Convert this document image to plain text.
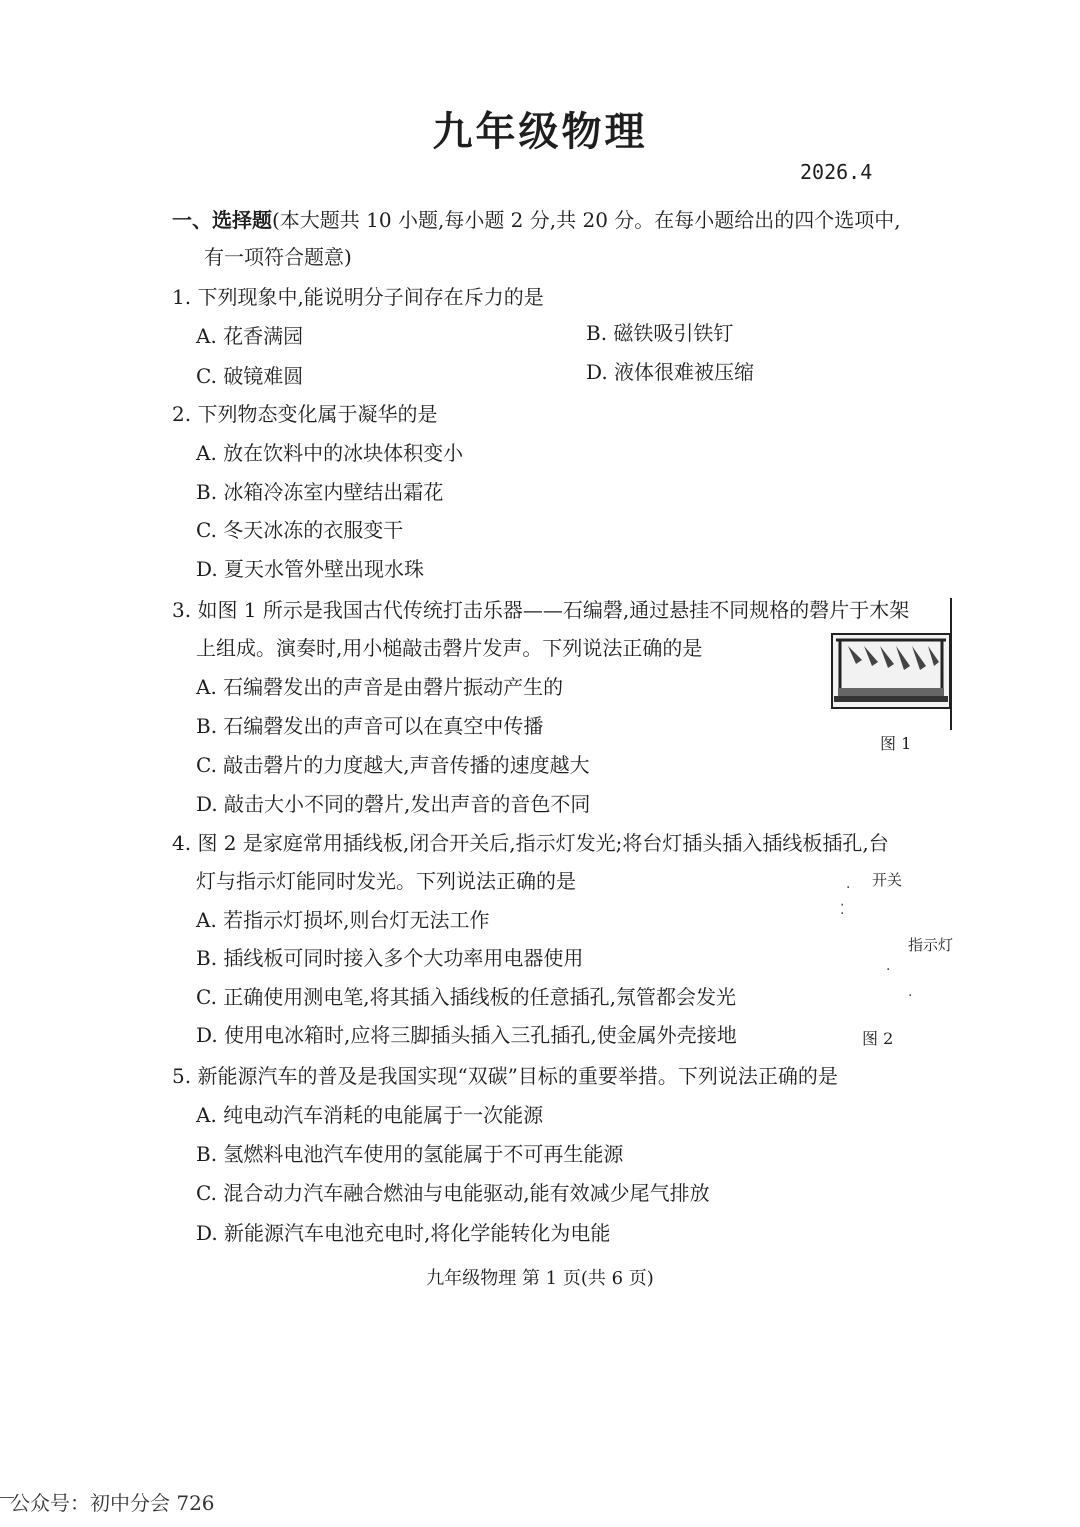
九年级物理
2026.4
一、选择题(本大题共 10 小题,每小题 2 分,共 20 分。在每小题给出的四个选项中,
有一项符合题意)
1. 下列现象中,能说明分子间存在斥力的是
A. 花香满园	B. 磁铁吸引铁钉
C. 破镜难圆	D. 液体很难被压缩
2. 下列物态变化属于凝华的是
A. 放在饮料中的冰块体积变小
B. 冰箱冷冻室内壁结出霜花
C. 冬天冰冻的衣服变干
D. 夏天水管外壁出现水珠
3. 如图 1 所示是我国古代传统打击乐器——石编磬,通过悬挂不同规格的磬片于木架
上组成。演奏时,用小槌敲击磬片发声。下列说法正确的是
A. 石编磬发出的声音是由磬片振动产生的
B. 石编磬发出的声音可以在真空中传播
C. 敲击磬片的力度越大,声音传播的速度越大
D. 敲击大小不同的磬片,发出声音的音色不同
图 1
4. 图 2 是家庭常用插线板,闭合开关后,指示灯发光;将台灯插头插入插线板插孔,台
灯与指示灯能同时发光。下列说法正确的是
A. 若指示灯损坏,则台灯无法工作
B. 插线板可同时接入多个大功率用电器使用
C. 正确使用测电笔,将其插入插线板的任意插孔,氖管都会发光
D. 使用电冰箱时,应将三脚插头插入三孔插孔,使金属外壳接地
开关
指示灯
·
⁚
·
·
图 2
5. 新能源汽车的普及是我国实现“双碳”目标的重要举措。下列说法正确的是
A. 纯电动汽车消耗的电能属于一次能源
B. 氢燃料电池汽车使用的氢能属于不可再生能源
C. 混合动力汽车融合燃油与电能驱动,能有效减少尾气排放
D. 新能源汽车电池充电时,将化学能转化为电能
九年级物理 第 1 页(共 6 页)
公众号：初中分会 726
